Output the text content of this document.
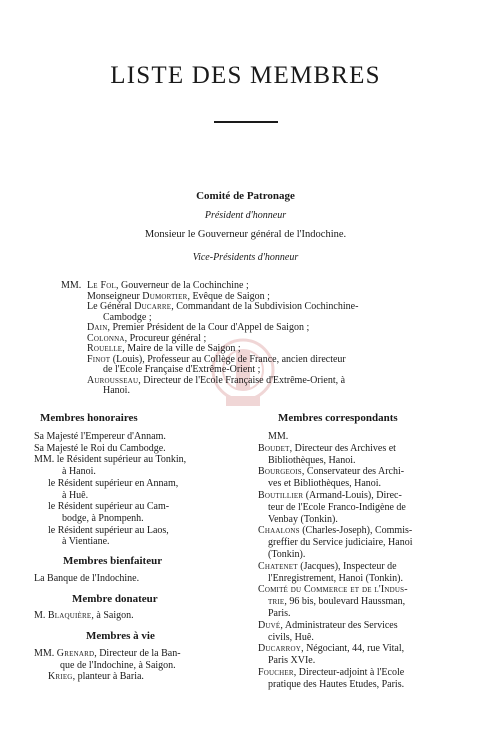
LISTE DES MEMBRES
Comité de Patronage
Président d'honneur
Monsieur le Gouverneur général de l'Indochine.
Vice-Présidents d'honneur
MM. Le Fol, Gouverneur de la Cochinchine ;
Monseigneur Dumortier, Evêque de Saigon ;
Le Général Ducarre, Commandant de la Subdivision Cochinchine-
Cambodge ;
Dain, Premier Président de la Cour d'Appel de Saigon ;
Colonna, Procureur général ;
Rouelle, Maire de la ville de Saigon ;
Finot (Louis), Professeur au Collège de France, ancien directeur
de l'Ecole Française d'Extrême-Orient ;
Aurousseau, Directeur de l'Ecole Française d'Extrême-Orient, à
Hanoi.
Membres honoraires
Sa Majesté l'Empereur d'Annam.
Sa Majesté le Roi du Cambodge.
MM. le Résident supérieur au Tonkin,
à Hanoi.
le Résident supérieur en Annam,
à Huê.
le Résident supérieur au Cam-
bodge, à Pnompenh.
le Résident supérieur au Laos,
à Vientiane.
Membres bienfaiteur
La Banque de l'Indochine.
Membre donateur
M. Blaquière, à Saigon.
Membres à vie
MM. Grenard, Directeur de la Ban-
que de l'Indochine, à Saigon.
Krieg, planteur à Baria.
Membres correspondants
MM.
Boudet, Directeur des Archives et
Bibliothèques, Hanoi.
Bourgeois, Conservateur des Archi-
ves et Bibliothèques, Hanoi.
Boutillier (Armand-Louis), Direc-
teur de l'Ecole Franco-Indigène de
Venbay (Tonkin).
Chaalons (Charles-Joseph), Commis-
greffier du Service judiciaire, Hanoi
(Tonkin).
Chatenet (Jacques), Inspecteur de
l'Enregistrement, Hanoi (Tonkin).
Comité du Commerce et de l'Indus-
trie, 96 bis, boulevard Haussman,
Paris.
Duvé, Administrateur des Services
civils, Huê.
Ducarroy, Négociant, 44, rue Vital,
Paris XVIe.
Foucher, Directeur-adjoint à l'Ecole
pratique des Hautes Etudes, Paris.
